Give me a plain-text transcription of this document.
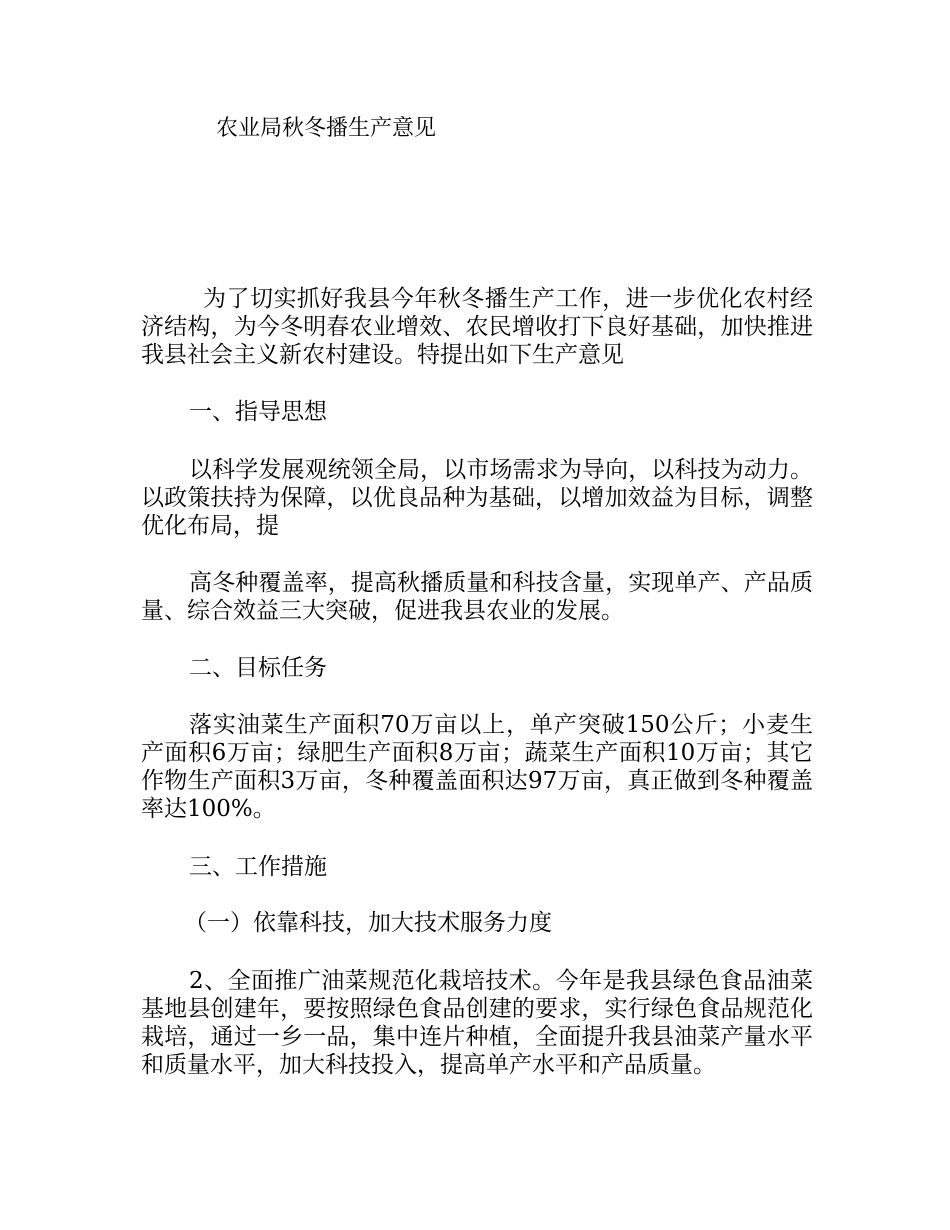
农业局秋冬播生产意见

为了切实抓好我县今年秋冬播生产工作，进一步优化农村经济结构，为今冬明春农业增效、农民增收打下良好基础，加快推进我县社会主义新农村建设。特提出如下生产意见

一、指导思想

以科学发展观统领全局，以市场需求为导向，以科技为动力。以政策扶持为保障，以优良品种为基础，以增加效益为目标，调整优化布局，提

高冬种覆盖率，提高秋播质量和科技含量，实现单产、产品质量、综合效益三大突破，促进我县农业的发展。

二、目标任务

落实油菜生产面积70万亩以上，单产突破150公斤；小麦生产面积6万亩；绿肥生产面积8万亩；蔬菜生产面积10万亩；其它作物生产面积3万亩，冬种覆盖面积达97万亩，真正做到冬种覆盖率达100%。

三、工作措施
（一）依靠科技，加大技术服务力度

2、全面推广油菜规范化栽培技术。今年是我县绿色食品油菜基地县创建年，要按照绿色食品创建的要求，实行绿色食品规范化栽培，通过一乡一品，集中连片种植，全面提升我县油菜产量水平和质量水平，加大科技投入，提高单产水平和产品质量。
